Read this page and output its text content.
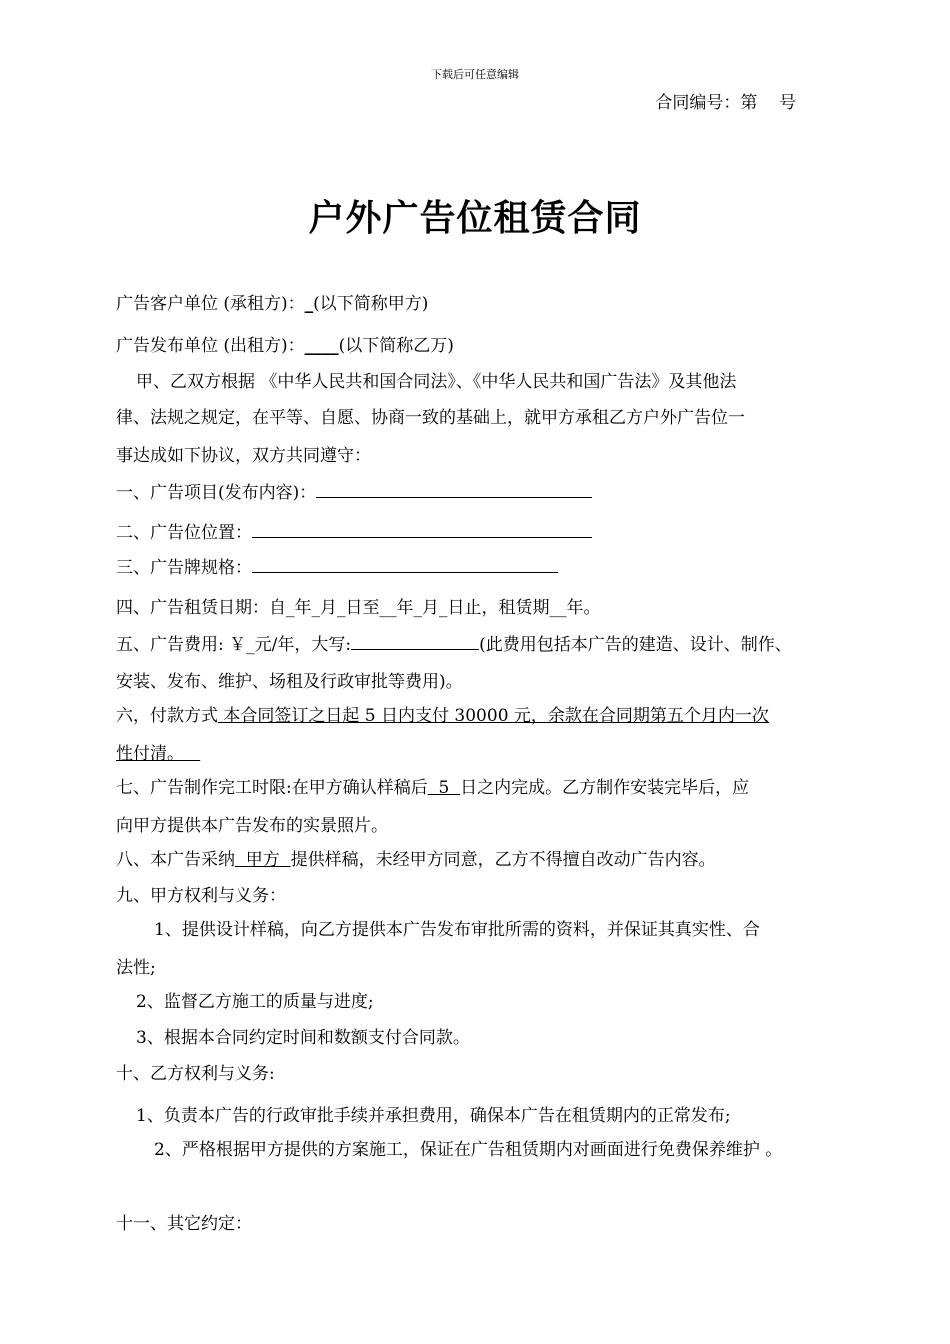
下载后可任意编辑
合同编号：第    号
户外广告位租赁合同
广告客户单位 (承租方)：_(以下简称甲方)
广告发布单位 (出租方)：____(以下简称乙万)
甲、乙双方根据 《中华人民共和国合同法》、《中华人民共和国广告法》及其他法
律、法规之规定，在平等、自愿、协商一致的基础上，就甲方承租乙方户外广告位一
事达成如下协议，双方共同遵守：
一、广告项目(发布内容)：
二、广告位位置：
三、广告牌规格：
四、广告租赁日期：自_年_月_日至__年_月_日止，租赁期__年。
五、广告费用: ￥_元/年，大写:	(此费用包括本广告的建造、设计、制作、
安装、发布、维护、场租及行政审批等费用)。
六，付款方式 本合同签订之日起 5 日内支付 30000 元，余款在合同期第五个月内一次
性付清。
七、广告制作完工时限:在甲方确认样稿后  5  日之内完成。乙方制作安装完毕后，应
向甲方提供本广告发布的实景照片。
八、本广告采纳  甲方  提供样稿，未经甲方同意，乙方不得擅自改动广告内容。
九、甲方权利与义务：
1、提供设计样稿，向乙方提供本广告发布审批所需的资料，并保证其真实性、合
法性;
2、监督乙方施工的质量与进度;
3、根据本合同约定时间和数额支付合同款。
十、乙方权利与义务:
1、负责本广告的行政审批手续并承担费用，确保本广告在租赁期内的正常发布;
2、严格根据甲方提供的方案施工，保证在广告租赁期内对画面进行免费保养维护 。
十一、其它约定：
